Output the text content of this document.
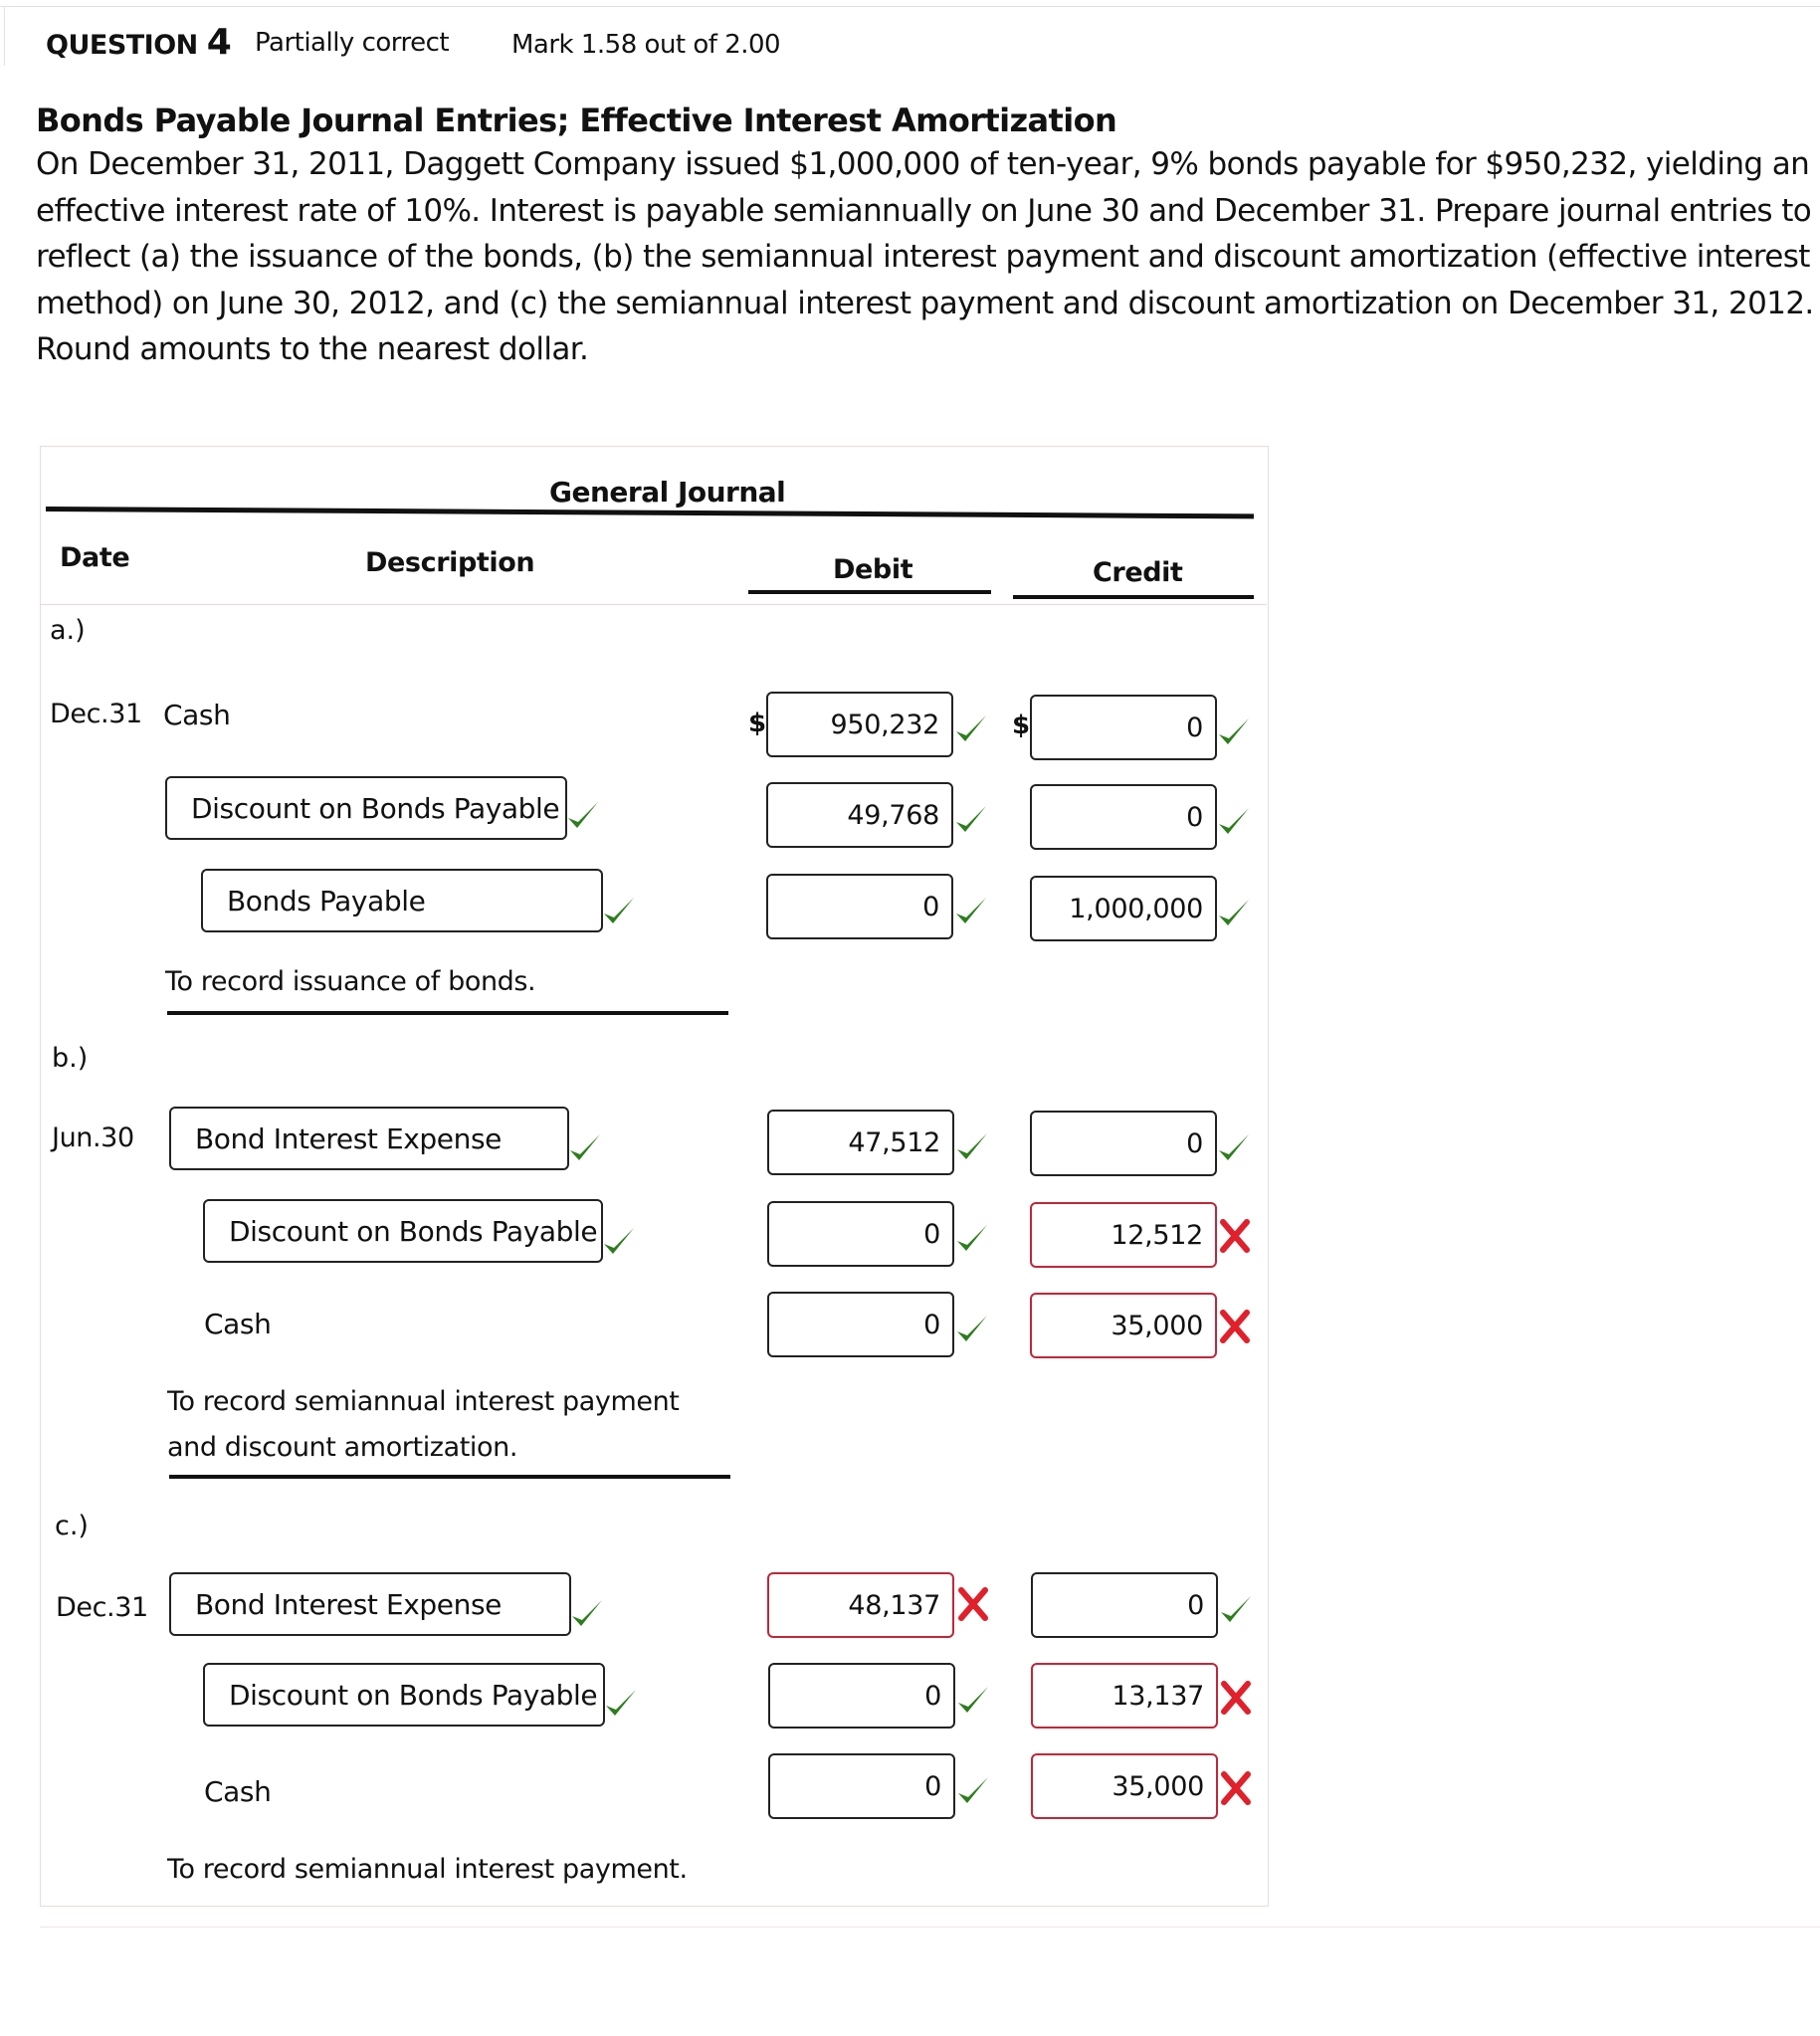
QUESTION 4 Partially correct Mark 1.58 out of 2.00
Bonds Payable Journal Entries; Effective Interest Amortization
On December 31, 2011, Daggett Company issued $1,000,000 of ten-year, 9% bonds payable for $950,232, yielding an
effective interest rate of 10%. Interest is payable semiannually on June 30 and December 31. Prepare journal entries to
reflect (a) the issuance of the bonds, (b) the semiannual interest payment and discount amortization (effective interest
method) on June 30, 2012, and (c) the semiannual interest payment and discount amortization on December 31, 2012.
Round amounts to the nearest dollar.
General Journal
Date	Description	Debit	Credit
a.)
Dec.31 Cash	$	950,232	$	0
Discount on Bonds Payable	49,768	0
Bonds Payable	0	1,000,000
To record issuance of bonds.
b.)
Jun.30	Bond Interest Expense	47,512	0
Discount on Bonds Payable	0	12,512
Cash	0	35,000
To record semiannual interest payment and discount amortization.
c.)
Dec.31	Bond Interest Expense	48,137	0
Discount on Bonds Payable	0	13,137
Cash	0	35,000
To record semiannual interest payment.
